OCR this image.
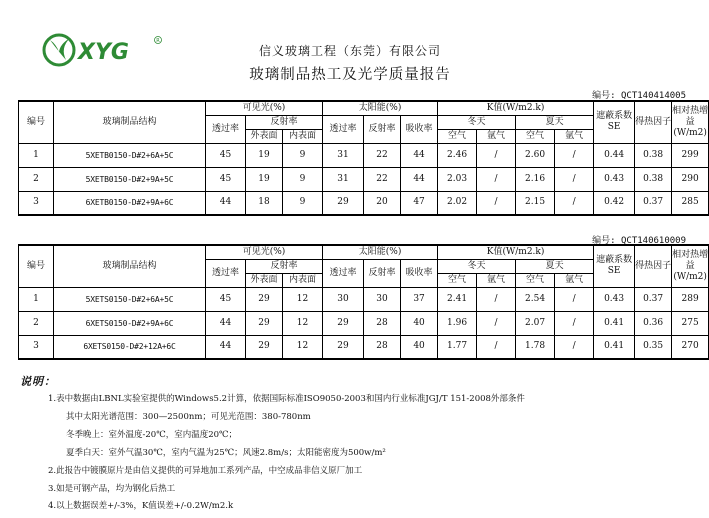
XYG	R
信义玻璃工程（东莞）有限公司
玻璃制品热工及光学质量报告
编号: QCT140414005
编号	玻璃制品结构	可见光(%)			太阳能(%)			K值(W/m2.k)				遮蔽系数SE	得热因子	相对热增益(W/m2)
		透过率	反射率		透过率	反射率	吸收率	冬天		夏天				
			外表面	内表面				空气	氩气	空气	氩气			
1	5XETB0150-D#2+6A+5C	45	19	9	31	22	44	2.46	/	2.60	/	0.44	0.38	299
2	5XETB0150-D#2+9A+5C	45	19	9	31	22	44	2.03	/	2.16	/	0.43	0.38	290
3	6XETB0150-D#2+9A+6C	44	18	9	29	20	47	2.02	/	2.15	/	0.42	0.37	285
编号: QCT140610009
编号	玻璃制品结构	可见光(%)			太阳能(%)			K值(W/m2.k)				遮蔽系数SE	得热因子	相对热增益(W/m2)
		透过率	反射率		透过率	反射率	吸收率	冬天		夏天				
			外表面	内表面				空气	氩气	空气	氩气			
1	5XETS0150-D#2+6A+5C	45	29	12	30	30	37	2.41	/	2.54	/	0.43	0.37	289
2	6XETS0150-D#2+9A+6C	44	29	12	29	28	40	1.96	/	2.07	/	0.41	0.36	275
3	6XETS0150-D#2+12A+6C	44	29	12	29	28	40	1.77	/	1.78	/	0.41	0.35	270
说明：
1.表中数据由LBNL实验室提供的Windows5.2计算，依据国际标准ISO9050-2003和国内行业标准JGJ/T 151-2008外部条件
其中太阳光谱范围：300—2500nm；可见光范围：380-780nm
冬季晚上：室外温度-20℃，室内温度20℃；
夏季白天：室外气温30℃，室内气温为25℃；风速2.8m/s；太阳能密度为500w/m²
2.此报告中镀膜原片是由信义提供的可异地加工系列产品，中空成品非信义原厂加工
3.如是可钢产品，均为钢化后热工
4.以上数据误差+/-3%，K值误差+/-0.2W/m2.k
